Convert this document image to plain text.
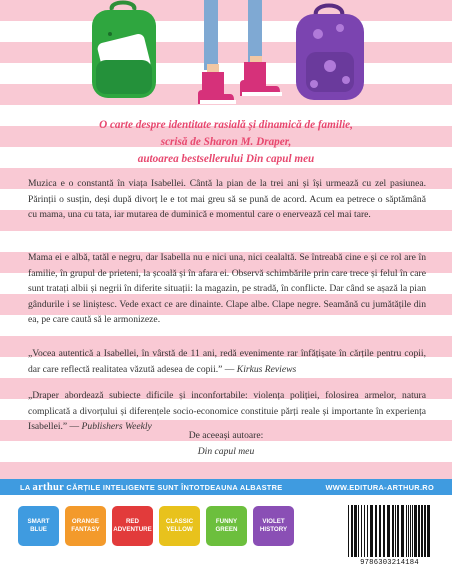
O carte despre identitate rasială și dinamică de familie,
scrisă de Sharon M. Draper,
autoarea bestsellerului Din capul meu

Muzica e o constantă în viața Isabellei. Cântă la pian de la trei ani și își urmează cu zel pasiunea. Părinții o susțin, deși după divorț le e tot mai greu să se pună de acord. Acum ea petrece o săptămână cu mama, una cu tata, iar mutarea de duminică e momentul care o enervează cel mai tare.

Mama ei e albă, tatăl e negru, dar Isabella nu e nici una, nici cealaltă. Se întreabă cine e și ce rol are în familie, în grupul de prieteni, la școală și în afara ei. Observă schimbările prin care trece și felul în care sunt tratați albii și negrii în diferite situații: la magazin, pe stradă, în conflicte. Dar când se așază la pian gândurile i se liniștesc. Vede exact ce are dinainte. Clape albe. Clape negre. Seamănă cu jumătățile din ea, pe care caută să le armonizeze.

„Vocea autentică a Isabellei, în vârstă de 11 ani, redă evenimente rar înfățișate în cărțile pentru copii, dar care reflectă realitatea văzută adesea de copii.” — Kirkus Reviews

„Draper abordează subiecte dificile și inconfortabile: violența poliției, folosirea armelor, natura complicată a divorțului și diferențele socio-economice constituie părți reale și importante în experiența Isabellei.” — Publishers Weekly

De aceeași autoare:
Din capul meu
LA arthur CĂRȚILE INTELIGENTE SUNT ÎNTOTDEAUNA ALBASTRE	WWW.EDITURA-ARTHUR.RO
SMART BLUE
ORANGE FANTASY
RED ADVENTURE
CLASSIC YELLOW
FUNNY GREEN
VIOLET HISTORY
9786303214184
